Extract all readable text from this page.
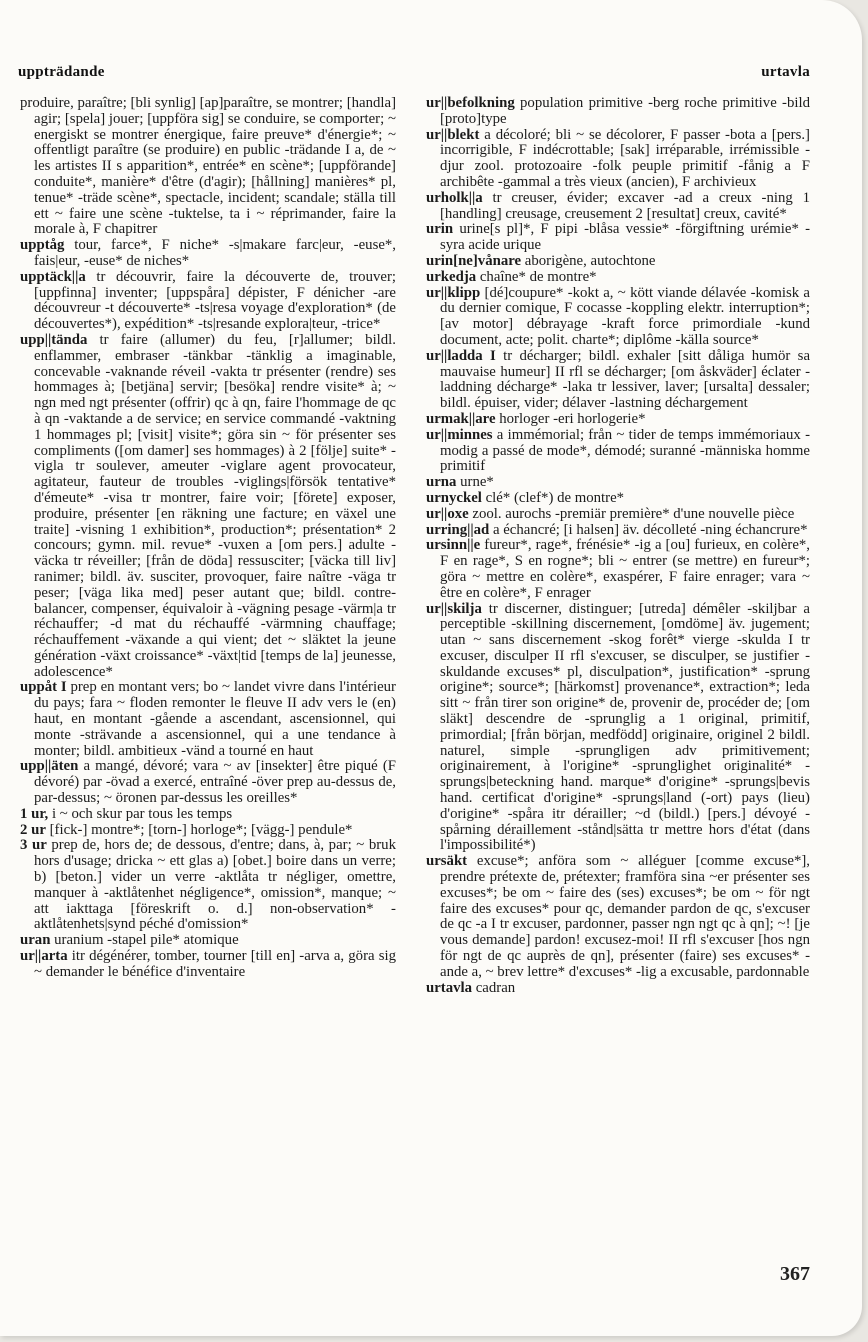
uppträdande	urtavla

produire, paraître; [bli synlig] [ap]paraître, se montrer; [handla] agir; [spela] jouer; [uppföra sig] se conduire, se comporter; ~ energiskt se montrer énergique, faire preuve* d'énergie*; ~ offentligt paraître (se produire) en public -trädande I a, de ~ les artistes II s apparition*, entrée* en scène*; [uppförande] conduite*, manière* d'être (d'agir); [hållning] manières* pl, tenue* -träde scène*, spectacle, incident; scandale; ställa till ett ~ faire une scène -tuktelse, ta i ~ réprimander, faire la morale à, F chapitrer

upptåg tour, farce*, F niche* -s|makare farc|eur, -euse*, fais|eur, -euse* de niches*

upptäck||a tr découvrir, faire la découverte de, trouver; [uppfinna] inventer; [uppspåra] dépister, F dénicher -are découvreur -t découverte* -ts|resa voyage d'exploration* (de découvertes*), expédition* -ts|resande explora|teur, -trice*

upp||tända tr faire (allumer) du feu, [r]allumer; bildl. enflammer, embraser -tänkbar -tänklig a imaginable, concevable -vaknande réveil -vakta tr présenter (rendre) ses hommages à; [betjäna] servir; [besöka] rendre visite* à; ~ ngn med ngt présenter (offrir) qc à qn, faire l'hommage de qc à qn -vaktande a de service; en service commandé -vaktning 1 hommages pl; [visit] visite*; göra sin ~ för présenter ses compliments ([om damer] ses hommages) à 2 [följe] suite* -vigla tr soulever, ameuter -viglare agent provocateur, agitateur, fauteur de troubles -viglings|försök tentative* d'émeute* -visa tr montrer, faire voir; [förete] exposer, produire, présenter [en räkning une facture; en växel une traite] -visning 1 exhibition*, production*; présentation* 2 concours; gymn. mil. revue* -vuxen a [om pers.] adulte -väcka tr réveiller; [från de döda] ressusciter; [väcka till liv] ranimer; bildl. äv. susciter, provoquer, faire naître -väga tr peser; [väga lika med] peser autant que; bildl. contre-balancer, compenser, équivaloir à -vägning pesage -värm|a tr réchauffer; -d mat du réchauffé -värmning chauffage; réchauffement -växande a qui vient; det ~ släktet la jeune génération -växt croissance* -växt|tid [temps de la] jeunesse, adolescence*

uppåt I prep en montant vers; bo ~ landet vivre dans l'intérieur du pays; fara ~ floden remonter le fleuve II adv vers le (en) haut, en montant -gående a ascendant, ascensionnel, qui monte -strävande a ascensionnel, qui a une tendance à monter; bildl. ambitieux -vänd a tourné en haut

upp||äten a mangé, dévoré; vara ~ av [insekter] être piqué (F dévoré) par -övad a exercé, entraîné -över prep au-dessus de, par-dessus; ~ öronen par-dessus les oreilles*

1 ur, i ~ och skur par tous les temps

2 ur [fick-] montre*; [torn-] horloge*; [vägg-] pendule*

3 ur prep de, hors de; de dessous, d'entre; dans, à, par; ~ bruk hors d'usage; dricka ~ ett glas a) [obet.] boire dans un verre; b) [beton.] vider un verre -aktlåta tr négliger, omettre, manquer à -aktlåtenhet négligence*, omission*, manque; ~ att iakttaga [föreskrift o. d.] non-observation* -aktlåtenhets|synd péché d'omission*

uran uranium -stapel pile* atomique

ur||arta itr dégénérer, tomber, tourner [till en] -arva a, göra sig ~ demander le bénéfice d'inventaire

ur||befolkning population primitive -berg roche primitive -bild [proto]type

ur||blekt a décoloré; bli ~ se décolorer, F passer -bota a [pers.] incorrigible, F indécrottable; [sak] irréparable, irrémissible -djur zool. protozoaire -folk peuple primitif -fånig a F archibête -gammal a très vieux (ancien), F archivieux

urholk||a tr creuser, évider; excaver -ad a creux -ning 1 [handling] creusage, creusement 2 [resultat] creux, cavité*

urin urine[s pl]*, F pipi -blåsa vessie* -förgiftning urémie* -syra acide urique

urin[ne]vånare aborigène, autochtone

urkedja chaîne* de montre*

ur||klipp [dé]coupure* -kokt a, ~ kött viande délavée -komisk a du dernier comique, F cocasse -koppling elektr. interruption*; [av motor] débrayage -kraft force primordiale -kund document, acte; polit. charte*; diplôme -källa source*

ur||ladda I tr décharger; bildl. exhaler [sitt dåliga humör sa mauvaise humeur] II rfl se décharger; [om åskväder] éclater -laddning décharge* -laka tr lessiver, laver; [ursalta] dessaler; bildl. épuiser, vider; délaver -lastning déchargement

urmak||are horloger -eri horlogerie*

ur||minnes a immémorial; från ~ tider de temps immémoriaux -modig a passé de mode*, démodé; suranné -människa homme primitif

urna urne*

urnyckel clé* (clef*) de montre*

ur||oxe zool. aurochs -premiär première* d'une nouvelle pièce

urring||ad a échancré; [i halsen] äv. décolleté -ning échancrure*

ursinn||e fureur*, rage*, frénésie* -ig a [ou] furieux, en colère*, F en rage*, S en rogne*; bli ~ entrer (se mettre) en fureur*; göra ~ mettre en colère*, exaspérer, F faire enrager; vara ~ être en colère*, F enrager

ur||skilja tr discerner, distinguer; [utreda] démêler -skiljbar a perceptible -skillning discernement, [omdöme] äv. jugement; utan ~ sans discernement -skog forêt* vierge -skulda I tr excuser, disculper II rfl s'excuser, se disculper, se justifier -skuldande excuses* pl, disculpation*, justification* -sprung origine*; source*; [härkomst] provenance*, extraction*; leda sitt ~ från tirer son origine* de, provenir de, procéder de; [om släkt] descendre de -sprunglig a 1 original, primitif, primordial; [från början, medfödd] originaire, originel 2 bildl. naturel, simple -sprungligen adv primitivement; originairement, à l'origine* -sprunglighet originalité* -sprungs|beteckning hand. marque* d'origine* -sprungs|bevis hand. certificat d'origine* -sprungs|land (-ort) pays (lieu) d'origine* -spåra itr dérailler; ~d (bildl.) [pers.] dévoyé -spårning déraillement -stånd|sätta tr mettre hors d'état (dans l'impossibilité*)

ursäkt excuse*; anföra som ~ alléguer [comme excuse*], prendre prétexte de, prétexter; framföra sina ~er présenter ses excuses*; be om ~ faire des (ses) excuses*; be om ~ för ngt faire des excuses* pour qc, demander pardon de qc, s'excuser de qc -a I tr excuser, pardonner, passer ngn ngt qc à qn]; ~! [je vous demande] pardon! excusez-moi! II rfl s'excuser [hos ngn för ngt de qc auprès de qn], présenter (faire) ses excuses* -ande a, ~ brev lettre* d'excuses* -lig a excusable, pardonnable

urtavla cadran

367
